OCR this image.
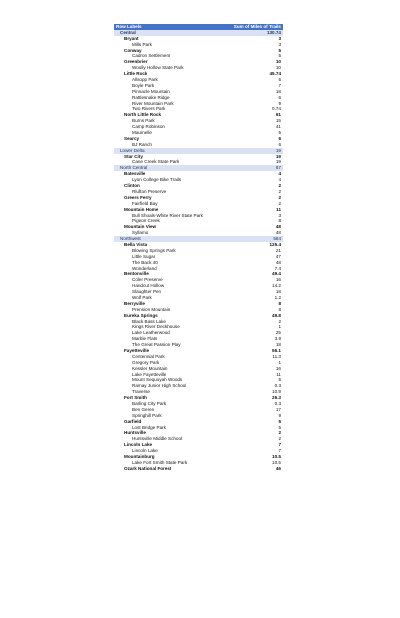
Row Labels	Sum of Miles of Trails
Central	130.74
Bryant	3
Mills Park	3
Conway	5
Cadron Settlement	5
Greenbrier	10
Woolly Hollow State Park	10
Little Rock	45.74
Allsopp Park	5
Boyle Park	7
Pinnacle Mountain	18
Rattlesnake Ridge	6
River Mountain Park	9
Two Rivers Park	0.74
North Little Rock	61
Burns Park	15
Camp Robinson	41
Maumelle	5
Searcy	6
BJ Ranch	6
Lower Delta	19
Star City	19
Cane Creek State Park	19
North Central	67
Batesville	4
Lyon College Bike Trails	4
Clinton	2
Rlufton Preserve	2
Greers Ferry	2
Fairfield Bay	2
Mountain Home	11
Bull Shoals-White River State Park	3
Pigeon Creek	8
Mountain View	48
Syllamo	48
Northwest	584
Bella Vista	125.4
Blowing Springs Park	21
Little Sugar	47
The Back 40	48
Wonderland	7.4
Bentonville	49.4
Coler Preserve	16
Handcut Hollow	14.2
Slaughter Pen	18
Wolf Park	1.2
Berryville	8
Prension Mountain	8
Eureka Springs	49.8
Black Bass Lake	2
Kings River Deckhouse	1
Lake Leatherwood	25
Marble Flats	3.9
The Great Passion Play	18
Fayetteville	56.1
Centennial Park	11.3
Gregory Park	1
Kessler Mountain	16
Lake Fayetteville	11
Mount Sequoyah Woods	5
Ramay Junior High School	0.3
Traverse	10.9
Fort Smith	26.3
Barling City Park	0.3
Ben Geren	17
Springhill Park	9
Garfield	5
Lost Bridge Park	5
Huntsville	2
Huntsville Middle School	2
Lincoln Lake	7
Lincoln Lake	7
Mountainburg	10.5
Lake Fort Smith State Park	10.5
Ozark National Forest	46
